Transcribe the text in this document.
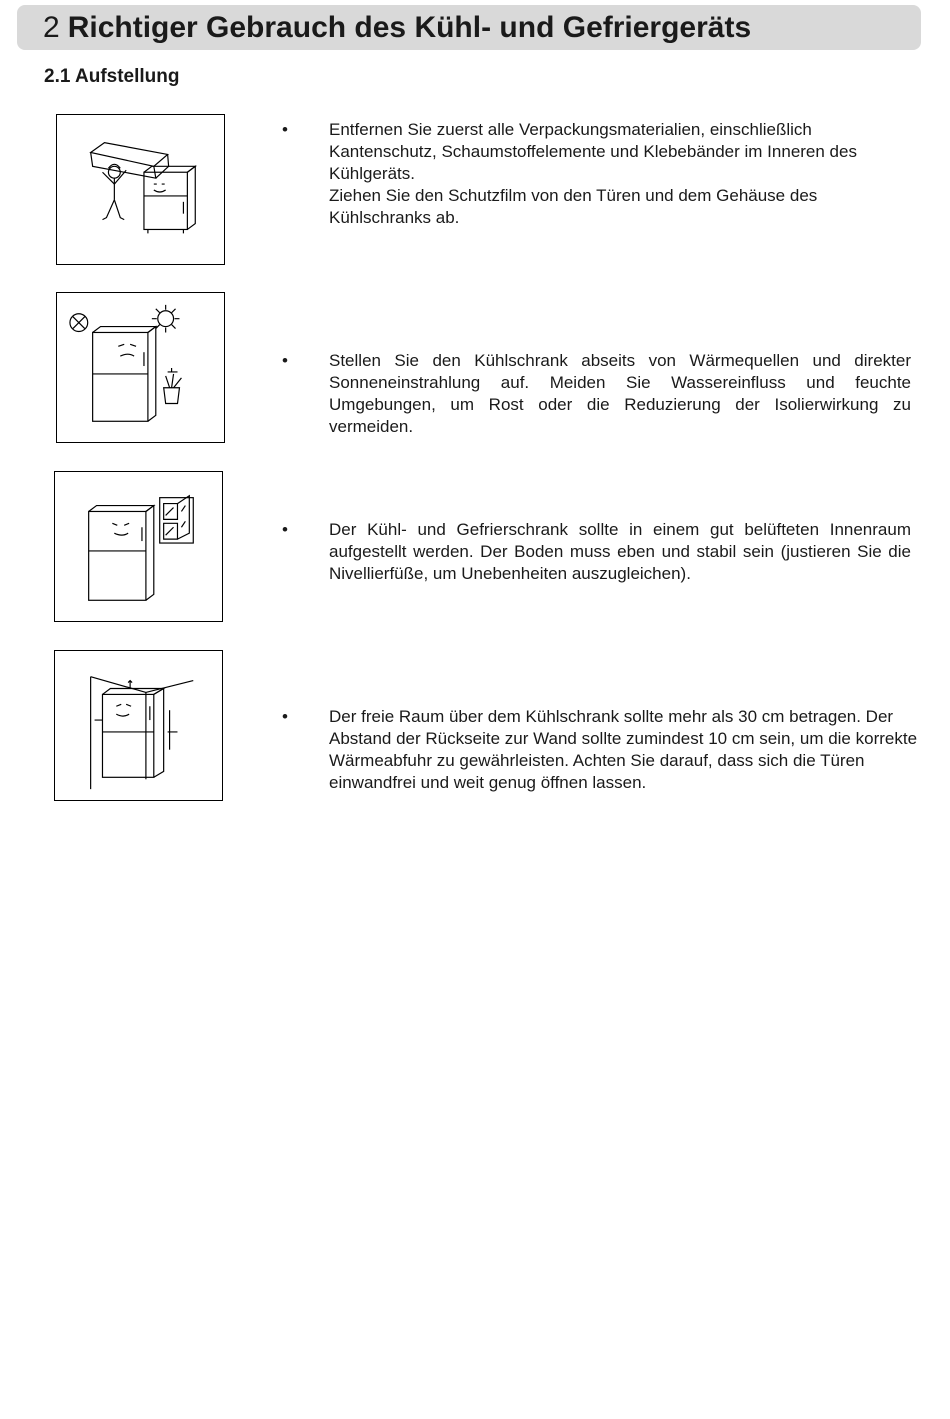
2 Richtiger Gebrauch des Kühl- und Gefriergeräts
2.1 Aufstellung
• Entfernen Sie zuerst alle Verpackungsmaterialien, einschließlich Kantenschutz, Schaumstoffelemente und Klebebänder im Inneren des Kühlgeräts.

Ziehen Sie den Schutzfilm von den Türen und dem Gehäuse des Kühlschranks ab.

• Stellen Sie den Kühlschrank abseits von Wärmequellen und direkter Sonneneinstrahlung auf. Meiden Sie Wassereinfluss und feuchte Umgebungen, um Rost oder die Reduzierung der Isolierwirkung zu vermeiden.

• Der Kühl- und Gefrierschrank sollte in einem gut belüfteten Innenraum aufgestellt werden. Der Boden muss eben und stabil sein (justieren Sie die Nivellierfüße, um Unebenheiten auszugleichen).

• Der freie Raum über dem Kühlschrank sollte mehr als 30 cm betragen. Der Abstand der Rückseite zur Wand sollte zumindest 10 cm sein, um die korrekte Wärmeabfuhr zu gewährleisten. Achten Sie darauf, dass sich die Türen einwandfrei und weit genug öffnen lassen.
